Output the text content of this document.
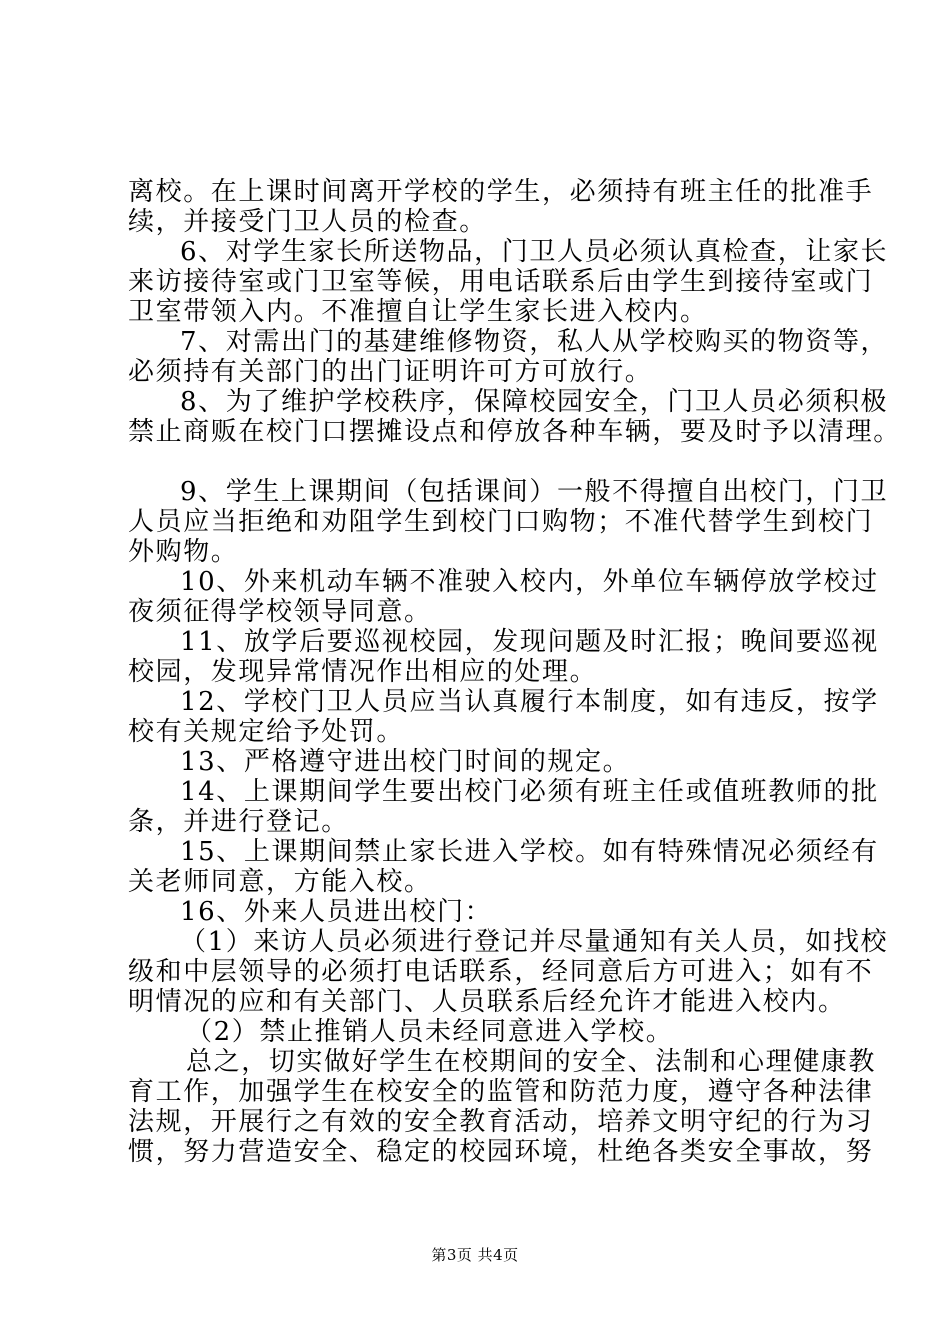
离校。在上课时间离开学校的学生，必须持有班主任的批准手
续，并接受门卫人员的检查。
6、对学生家长所送物品，门卫人员必须认真检查，让家长
来访接待室或门卫室等候，用电话联系后由学生到接待室或门
卫室带领入内。不准擅自让学生家长进入校内。
7、对需出门的基建维修物资，私人从学校购买的物资等，
必须持有关部门的出门证明许可方可放行。
8、为了维护学校秩序，保障校园安全，门卫人员必须积极
禁止商贩在校门口摆摊设点和停放各种车辆，要及时予以清理。
9、学生上课期间（包括课间）一般不得擅自出校门，门卫
人员应当拒绝和劝阻学生到校门口购物；不准代替学生到校门
外购物。
10、外来机动车辆不准驶入校内，外单位车辆停放学校过
夜须征得学校领导同意。
11、放学后要巡视校园，发现问题及时汇报；晚间要巡视
校园，发现异常情况作出相应的处理。
12、学校门卫人员应当认真履行本制度，如有违反，按学
校有关规定给予处罚。
13、严格遵守进出校门时间的规定。
14、上课期间学生要出校门必须有班主任或值班教师的批
条，并进行登记。
15、上课期间禁止家长进入学校。如有特殊情况必须经有
关老师同意，方能入校。
16、外来人员进出校门：
（1）来访人员必须进行登记并尽量通知有关人员，如找校
级和中层领导的必须打电话联系，经同意后方可进入；如有不
明情况的应和有关部门、人员联系后经允许才能进入校内。
（2）禁止推销人员未经同意进入学校。
总之，切实做好学生在校期间的安全、法制和心理健康教
育工作，加强学生在校安全的监管和防范力度，遵守各种法律
法规，开展行之有效的安全教育活动，培养文明守纪的行为习
惯，努力营造安全、稳定的校园环境，杜绝各类安全事故，努
第3页 共4页
